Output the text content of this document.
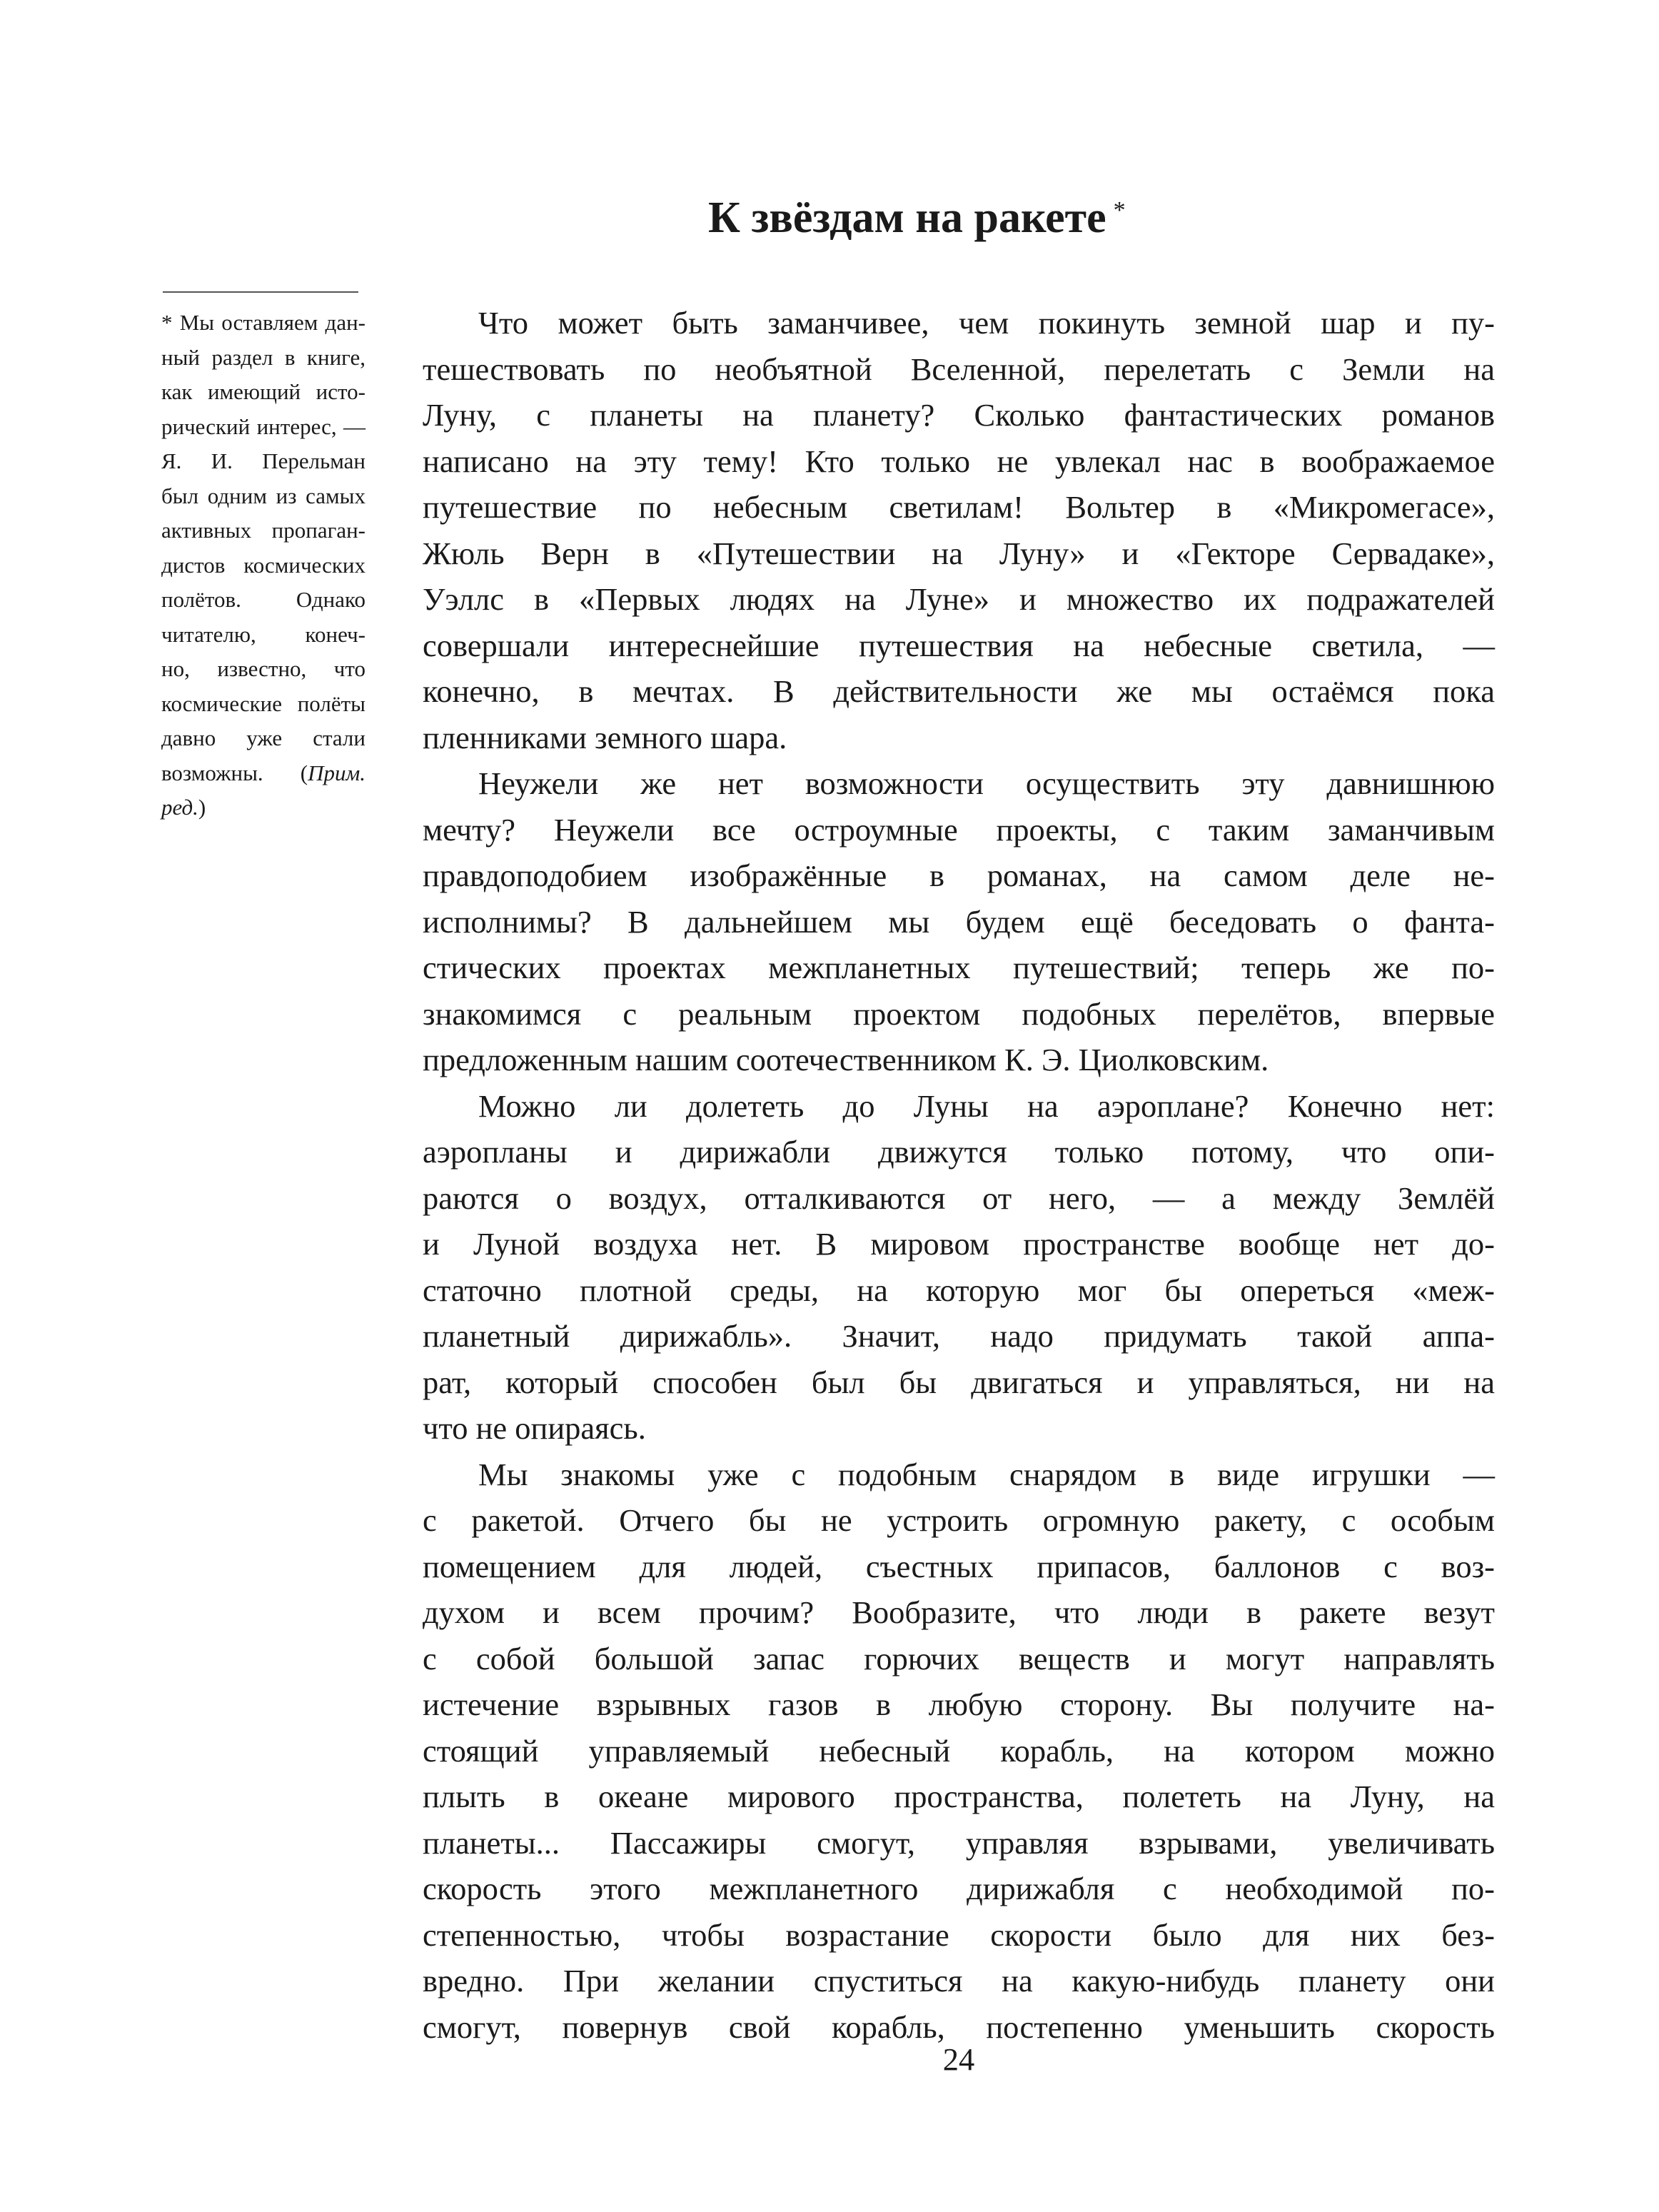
К звёздам на ракете *
* Мы оставляем дан-
ный раздел в книге,
как имеющий исто-
рический интерес, —
Я. И. Перельман
был одним из самых
активных пропаган-
дистов космических
полётов. Однако
читателю, конеч-
но, известно, что
космические полёты
давно уже стали
возможны. (Прим.
ред.)
Что может быть заманчивее, чем покинуть земной шар и пу-
тешествовать по необъятной Вселенной, перелетать с Земли на
Луну, с планеты на планету? Сколько фантастических романов
написано на эту тему! Кто только не увлекал нас в воображаемое
путешествие по небесным светилам! Вольтер в «Микромегасе»,
Жюль Верн в «Путешествии на Луну» и «Гекторе Сервадаке»,
Уэллс в «Первых людях на Луне» и множество их подражателей
совершали интереснейшие путешествия на небесные светила, —
конечно, в мечтах. В действительности же мы остаёмся пока
пленниками земного шара.
Неужели же нет возможности осуществить эту давнишнюю
мечту? Неужели все остроумные проекты, с таким заманчивым
правдоподобием изображённые в романах, на самом деле не-
исполнимы? В дальнейшем мы будем ещё беседовать о фанта-
стических проектах межпланетных путешествий; теперь же по-
знакомимся с реальным проектом подобных перелётов, впервые
предложенным нашим соотечественником К. Э. Циолковским.
Можно ли долететь до Луны на аэроплане? Конечно нет:
аэропланы и дирижабли движутся только потому, что опи-
раются о воздух, отталкиваются от него, — а между Землёй
и Луной воздуха нет. В мировом пространстве вообще нет до-
статочно плотной среды, на которую мог бы опереться «меж-
планетный дирижабль». Значит, надо придумать такой аппа-
рат, который способен был бы двигаться и управляться, ни на
что не опираясь.
Мы знакомы уже с подобным снарядом в виде игрушки —
с ракетой. Отчего бы не устроить огромную ракету, с особым
помещением для людей, съестных припасов, баллонов с воз-
духом и всем прочим? Вообразите, что люди в ракете везут
с собой большой запас горючих веществ и могут направлять
истечение взрывных газов в любую сторону. Вы получите на-
стоящий управляемый небесный корабль, на котором можно
плыть в океане мирового пространства, полететь на Луну, на
планеты... Пассажиры смогут, управляя взрывами, увеличивать
скорость этого межпланетного дирижабля с необходимой по-
степенностью, чтобы возрастание скорости было для них без-
вредно. При желании спуститься на какую-нибудь планету они
смогут, повернув свой корабль, постепенно уменьшить скорость
24
